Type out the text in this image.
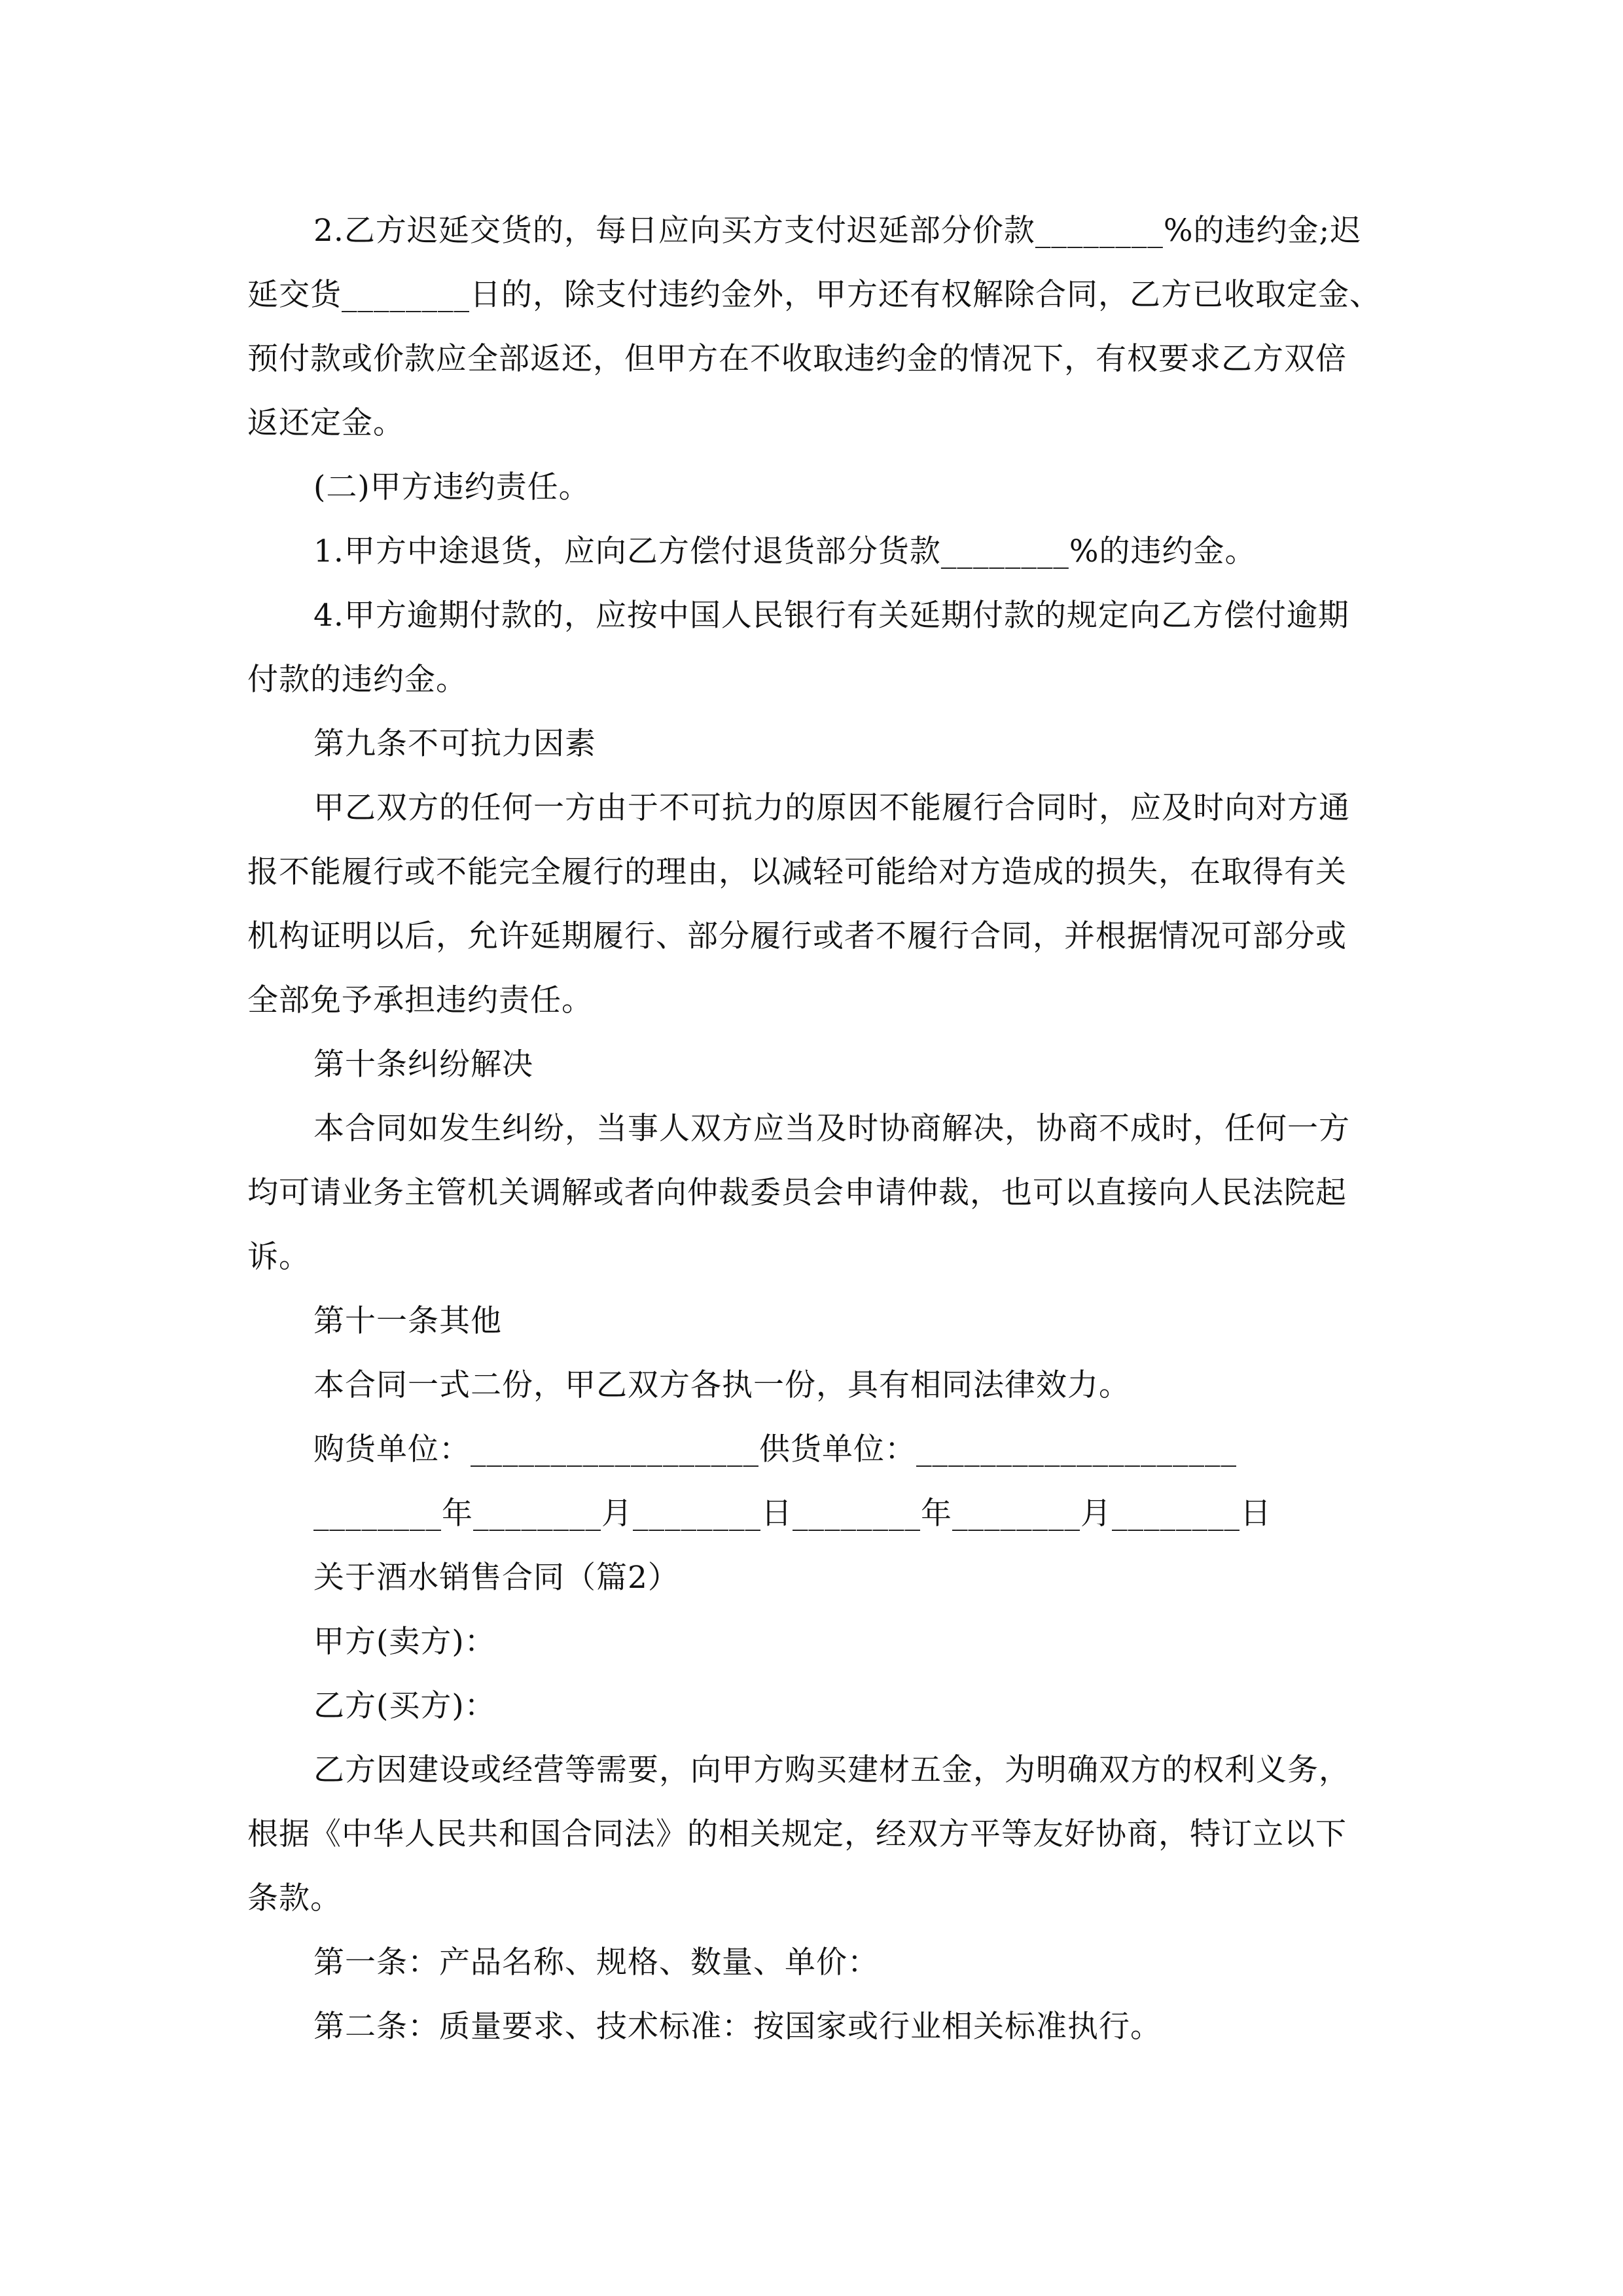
2.乙方迟延交货的，每日应向买方支付迟延部分价款________%的违约金;迟
延交货________日的，除支付违约金外，甲方还有权解除合同，乙方已收取定金、
预付款或价款应全部返还，但甲方在不收取违约金的情况下，有权要求乙方双倍
返还定金。
(二)甲方违约责任。
1.甲方中途退货，应向乙方偿付退货部分货款________%的违约金。
4.甲方逾期付款的，应按中国人民银行有关延期付款的规定向乙方偿付逾期
付款的违约金。
第九条不可抗力因素
甲乙双方的任何一方由于不可抗力的原因不能履行合同时，应及时向对方通
报不能履行或不能完全履行的理由，以减轻可能给对方造成的损失，在取得有关
机构证明以后，允许延期履行、部分履行或者不履行合同，并根据情况可部分或
全部免予承担违约责任。
第十条纠纷解决
本合同如发生纠纷，当事人双方应当及时协商解决，协商不成时，任何一方
均可请业务主管机关调解或者向仲裁委员会申请仲裁，也可以直接向人民法院起
诉。
第十一条其他
本合同一式二份，甲乙双方各执一份，具有相同法律效力。
购货单位：__________________供货单位：____________________
________年________月________日________年________月________日
关于酒水销售合同（篇2）
甲方(卖方)：
乙方(买方)：
乙方因建设或经营等需要，向甲方购买建材五金，为明确双方的权利义务，
根据《中华人民共和国合同法》的相关规定，经双方平等友好协商，特订立以下
条款。
第一条：产品名称、规格、数量、单价：
第二条：质量要求、技术标准：按国家或行业相关标准执行。
